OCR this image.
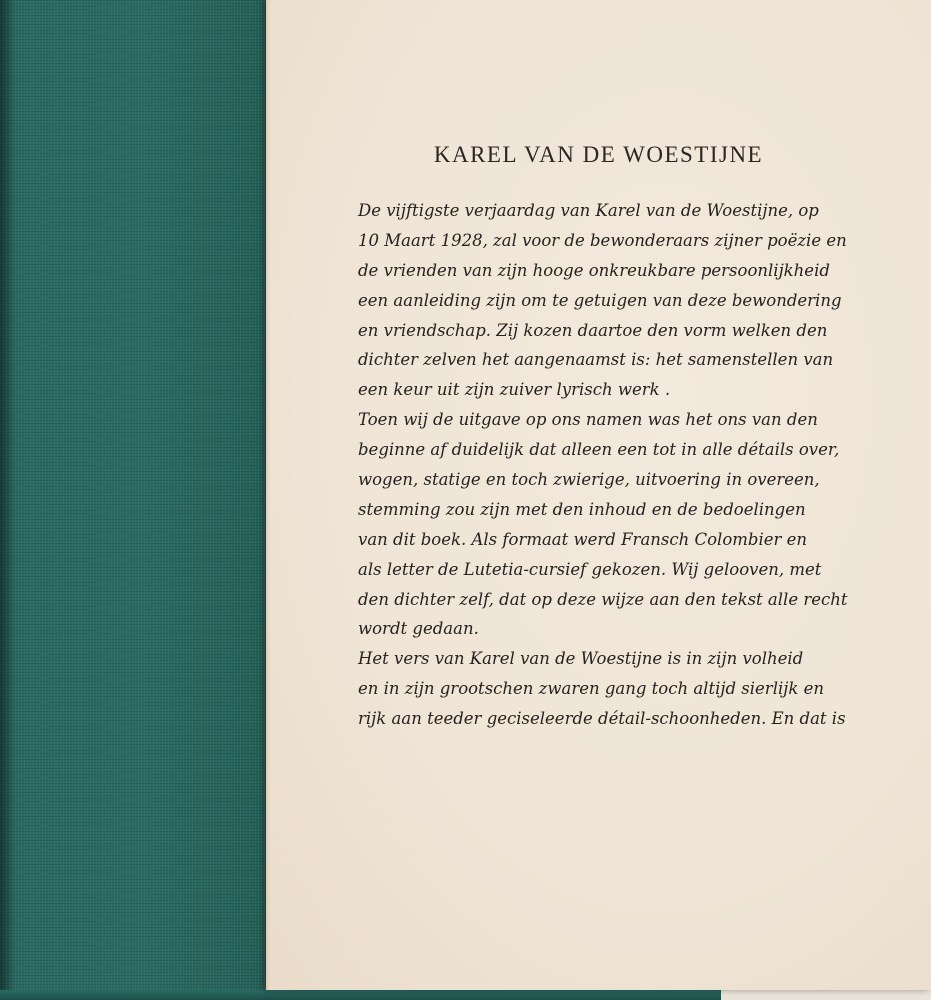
KAREL VAN DE WOESTIJNE
De vijftigste verjaardag van Karel van de Woestijne, op
10 Maart 1928, zal voor de bewonderaars zijner poëzie en
de vrienden van zijn hooge onkreukbare persoonlijkheid
een aanleiding zijn om te getuigen van deze bewondering
en vriendschap. Zij kozen daartoe den vorm welken den
dichter zelven het aangenaamst is: het samenstellen van
een keur uit zijn zuiver lyrisch werk .
Toen wij de uitgave op ons namen was het ons van den
beginne af duidelijk dat alleen een tot in alle détails over,
wogen, statige en toch zwierige, uitvoering in overeen,
stemming zou zijn met den inhoud en de bedoelingen
van dit boek. Als formaat werd Fransch Colombier en
als letter de Lutetia-cursief gekozen. Wij gelooven, met
den dichter zelf, dat op deze wijze aan den tekst alle recht
wordt gedaan.
Het vers van Karel van de Woestijne is in zijn volheid
en in zijn grootschen zwaren gang toch altijd sierlijk en
rijk aan teeder geciseleerde détail-schoonheden. En dat is
